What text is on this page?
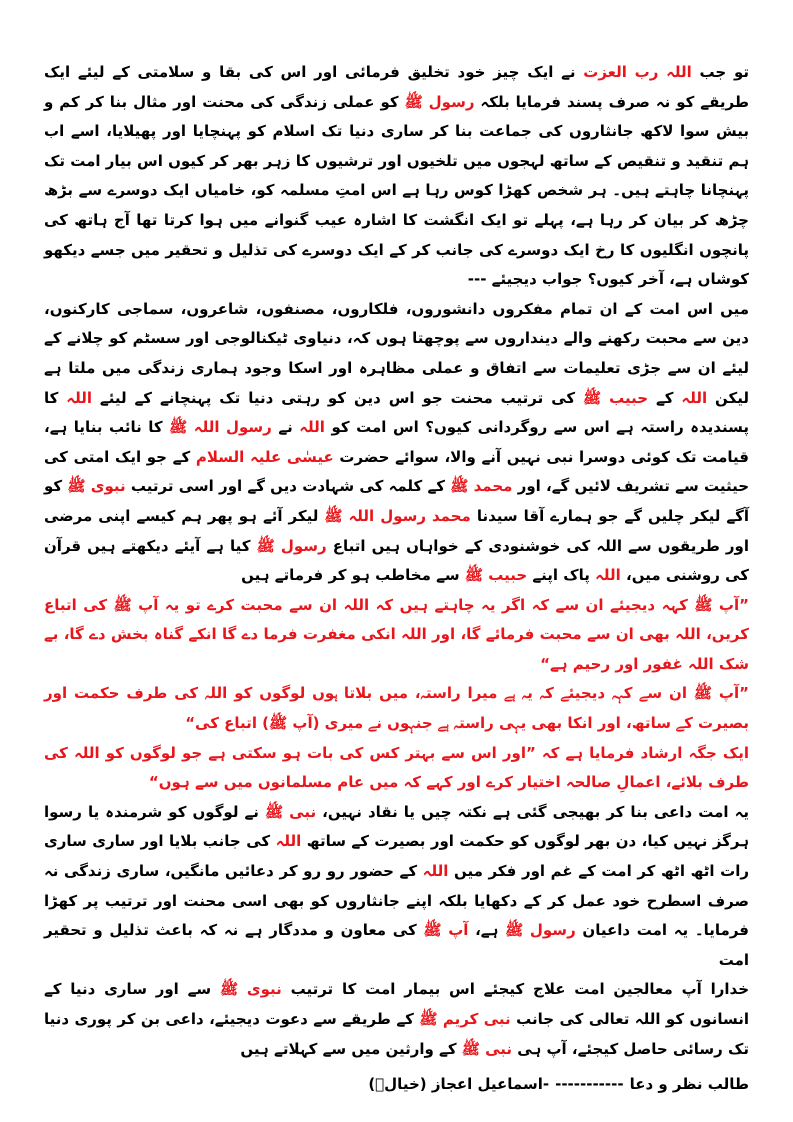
تو جب اللہ رب العزت نے ایک چیز خود تخلیق فرمائی اور اس کی بقا و سلامتی کے لیئے ایک طریقے کو نہ صرف پسند فرمایا بلکہ رسول ﷺ کو عملی زندگی کی محنت اور مثال بنا کر کم و بیش سوا لاکھ جانثاروں کی جماعت بنا کر ساری دنیا تک اسلام کو پہنچایا اور پھیلایا، اسے اب ہم تنقید و تنقیص کے ساتھ لہجوں میں تلخیوں اور ترشیوں کا زہر بھر کر کیوں اس بیار امت تک پہنچانا چاہتے ہیں۔ ہر شخص کھڑا کوس رہا ہے اس امتِ مسلمہ کو، خامیاں ایک دوسرے سے بڑھ چڑھ کر بیان کر رہا ہے، پہلے تو ایک انگشت کا اشارہ عیب گنوانے میں ہوا کرتا تھا آج ہاتھ کی پانچوں انگلیوں کا رخ ایک دوسرے کی جانب کر کے ایک دوسرے کی تذلیل و تحقیر میں جسے دیکھو کوشاں ہے، آخر کیوں؟ جواب دیجیئے ---

میں اس امت کے ان تمام مفکروں دانشوروں، فلکاروں، مصنفوں، شاعروں، سماجی کارکنوں، دین سے محبت رکھنے والے دینداروں سے پوچھتا ہوں کہ، دنیاوی ٹیکنالوجی اور سسٹم کو چلانے کے لیئے ان سے جڑی تعلیمات سے اتفاق و عملی مظاہرہ اور اسکا وجود ہماری زندگی میں ملتا ہے لیکن اللہ کے حبیب ﷺ کی ترتیب محنت جو اس دین کو رہتی دنیا تک پہنچانے کے لیئے اللہ کا پسندیدہ راستہ ہے اس سے روگردانی کیوں؟ اس امت کو اللہ نے رسول اللہ ﷺ کا نائب بنایا ہے، قیامت تک کوئی دوسرا نبی نہیں آنے والا، سوائے حضرت عیسٰی علیہ السلام کے جو ایک امتی کی حیثیت سے تشریف لائیں گے، اور محمد ﷺ کے کلمہ کی شہادت دیں گے اور اسی ترتیب نبوی ﷺ کو آگے لیکر چلیں گے جو ہمارے آقا سیدنا محمد رسول اللہ ﷺ لیکر آئے ہو پھر ہم کیسے اپنی مرضی اور طریقوں سے اللہ کی خوشنودی کے خواہاں ہیں اتباع رسول ﷺ کیا ہے آیئے دیکھتے ہیں قرآن کی روشنی میں، اللہ پاک اپنے حبیب ﷺ سے مخاطب ہو کر فرماتے ہیں

”آپ ﷺ کہہ دیجیئے ان سے کہ اگر یہ چاہتے ہیں کہ اللہ ان سے محبت کرے تو یہ آپ ﷺ کی اتباع کریں، اللہ بھی ان سے محبت فرمائے گا، اور اللہ انکی مغفرت فرما دے گا انکے گناہ بخش دے گا، بے شک اللہ غفور اور رحیم ہے“

”آپ ﷺ ان سے کہہ دیجیئے کہ یہ ہے میرا راستہ، میں بلاتا ہوں لوگوں کو اللہ کی طرف حکمت اور بصیرت کے ساتھ، اور انکا بھی یہی راستہ ہے جنہوں نے میری (آپ ﷺ) اتباع کی“

ایک جگہ ارشاد فرمایا ہے کہ ”اور اس سے بہتر کس کی بات ہو سکتی ہے جو لوگوں کو اللہ کی طرف بلائے، اعمالِ صالحہ اختیار کرے اور کہے کہ میں عام مسلمانوں میں سے ہوں“

یہ امت داعی بنا کر بھیجی گئی ہے نکتہ چیں یا نقاد نہیں، نبی ﷺ نے لوگوں کو شرمندہ یا رسوا ہرگز نہیں کیا، دن بھر لوگوں کو حکمت اور بصیرت کے ساتھ اللہ کی جانب بلایا اور ساری ساری رات اٹھ اٹھ کر امت کے غم اور فکر میں اللہ کے حضور رو رو کر دعائیں مانگیں، ساری زندگی نہ صرف اسطرح خود عمل کر کے دکھایا بلکہ اپنے جانثاروں کو بھی اسی محنت اور ترتیب پر کھڑا فرمایا۔ یہ امت داعیان رسول ﷺ ہے، آپ ﷺ کی معاون و مددگار ہے نہ کہ باعث تذلیل و تحقیر امت

خدارا آپ معالجین امت علاج کیجئے اس بیمار امت کا ترتیب نبوی ﷺ سے اور ساری دنیا کے انسانوں کو اللہ تعالی کی جانب نبی کریم ﷺ کے طریقے سے دعوت دیجیئے، داعی بن کر پوری دنیا تک رسائی حاصل کیجئے، آپ ہی نبی ﷺ کے وارثین میں سے کہلاتے ہیں

طالب نظر و دعا
-----------
-اسماعیل اعجاز (خیالؔ)
